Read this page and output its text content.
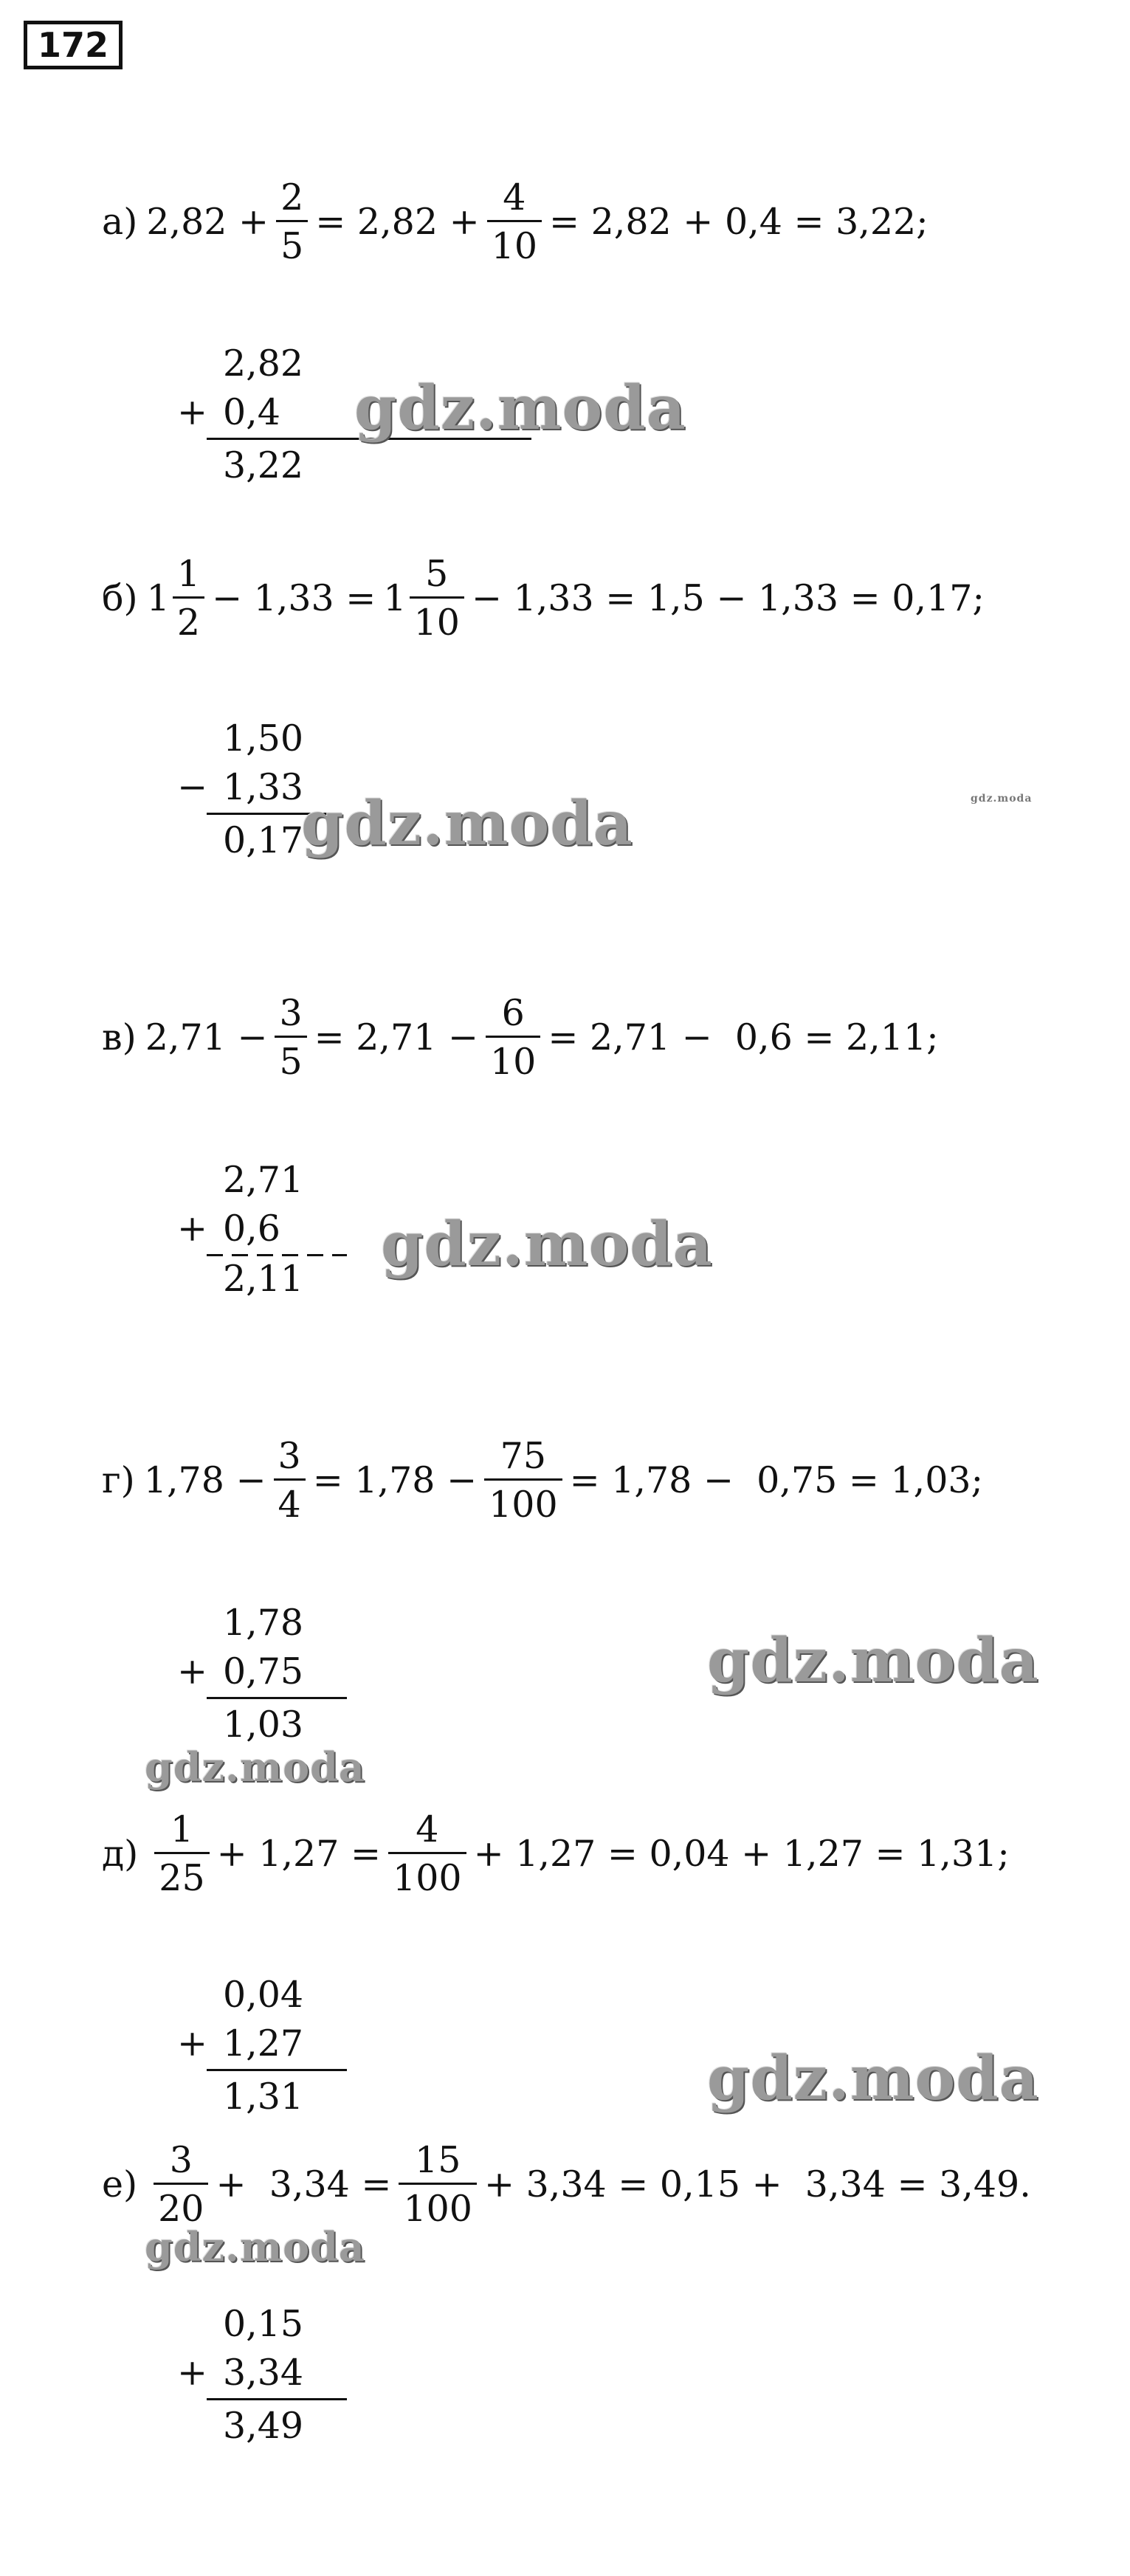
172
а) $2,82 + \frac{2}{5} = 2,82 + \frac{4}{10} = 2,82 + 0,4 = 3,22$;
2,82
+ 0,4
3,22
gdz.moda
б) $1 \frac{1}{2} - 1,33 = 1 \frac{5}{10} - 1,33 = 1,5 - 1,33 = 0,17$;
1,50
− 1,33
0,17
gdz.moda	gdz.moda
в) $2,71 - \frac{3}{5} = 2,71 - \frac{6}{10} = 2,71 - 0,6 = 2,11$;
2,71
+ 0,6
2,11 gdz.moda
г) $1,78 - \frac{3}{4} = 1,78 - \frac{75}{100} = 1,78 - 0,75 = 1,03$;
1,78
+ 0,75
1,03
gdz.moda
gdz.moda
$д) \frac{1}{25} + 1,27 = \frac{4}{100} + 1,27 = 0,04 + 1,27 = 1,31$;
0,04
+ 1,27
1,31	gdz.moda
$е) \frac{3}{20} + 3,34 = \frac{15}{100} + 3,34 = 0,15 + 3,34 = 3,49$.
gdz.moda
0,15
+ 3,34
3,49
